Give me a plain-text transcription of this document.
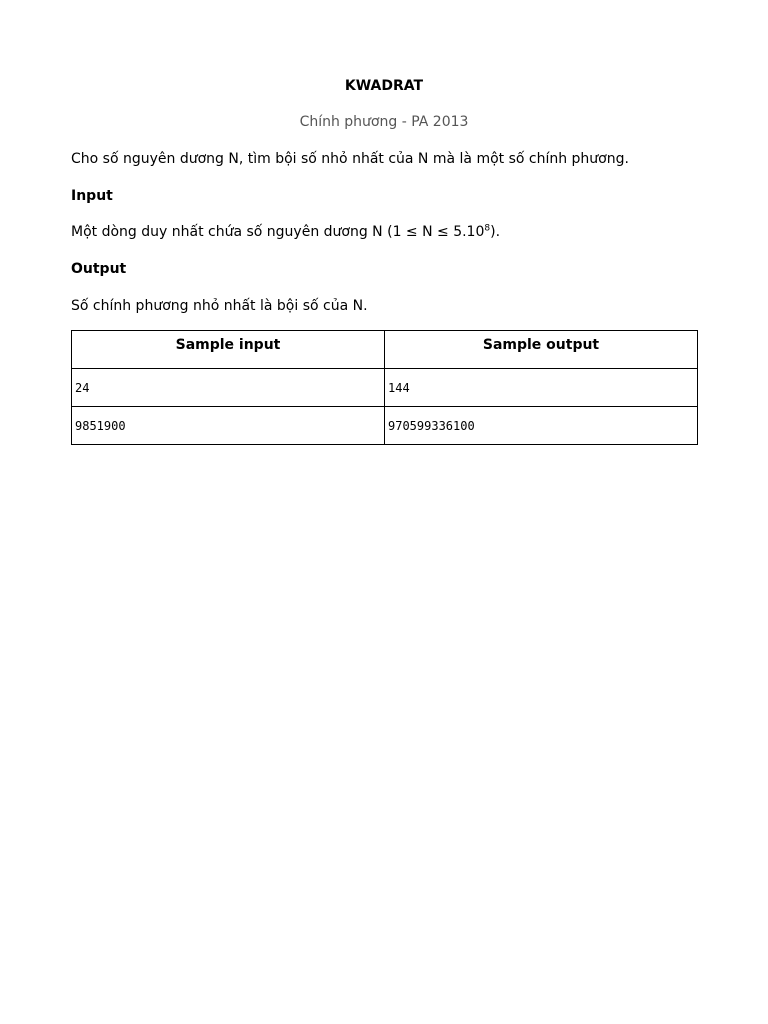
KWADRAT
Chính phương - PA 2013
Cho số nguyên dương N, tìm bội số nhỏ nhất của N mà là một số chính phương.
Input
Một dòng duy nhất chứa số nguyên dương N $(1 \le N \le 5.10^8)$.
Output
Số chính phương nhỏ nhất là bội số của N.
Sample input	Sample output
24	144
9851900	970599336100
